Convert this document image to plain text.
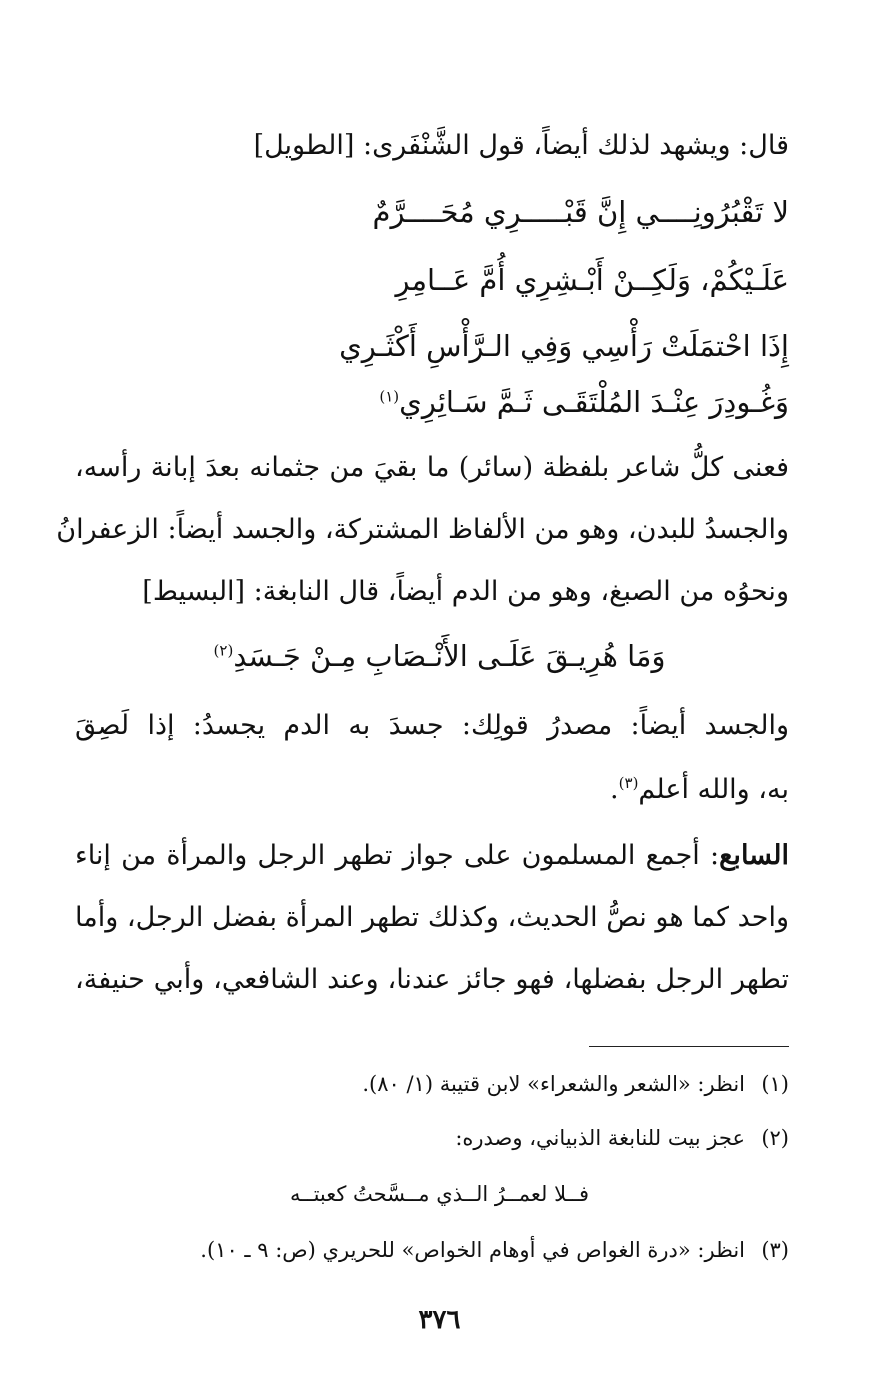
قال: ويشهد لذلك أيضاً، قول الشَّنْفَرى: [الطويل]
لا تَقْبُرُونِــــي إِنَّ قَبْـــــرِي مُحَــــرَّمٌ
عَلَـيْكُمْ، وَلَكِــنْ أَبْـشِرِي أُمَّ عَــامِرِ
إِذَا احْتمَلَتْ رَأْسِي وَفِي الـرَّأْسِ أَكْثَـرِي
وَغُـودِرَ عِنْـدَ المُلْتَقَـى ثَـمَّ سَـائِرِي$^{(١)}$
فعنى كلُّ شاعر بلفظة (سائر) ما بقيَ من جثمانه بعدَ إبانة رأسه،
والجسدُ للبدن، وهو من الألفاظ المشتركة، والجسد أيضاً: الزعفرانُ
ونحوُه من الصبغ، وهو من الدم أيضاً، قال النابغة: [البسيط]
وَمَا هُرِيـقَ عَلَـى الأَنْـصَابِ مِـنْ جَـسَدِ$^{(٢)}$
والجسد أيضاً: مصدرُ قولِك: جسدَ به الدم يجسدُ: إذا لَصِقَ
به، والله أعلم$^{(٣)}$.
السابع: أجمع المسلمون على جواز تطهر الرجل والمرأة من إناء
واحد كما هو نصُّ الحديث، وكذلك تطهر المرأة بفضل الرجل، وأما
تطهر الرجل بفضلها، فهو جائز عندنا، وعند الشافعي، وأبي حنيفة،
(١)انظر: «الشعر والشعراء» لابن قتيبة (١/ ٨٠).
(٢)عجز بيت للنابغة الذبياني، وصدره:
فــلا لعمــرُ الــذي مــسَّحتُ كعبتــه
(٣)انظر: «درة الغواص في أوهام الخواص» للحريري (ص: ٩ ـ ١٠).
٣٧٦
